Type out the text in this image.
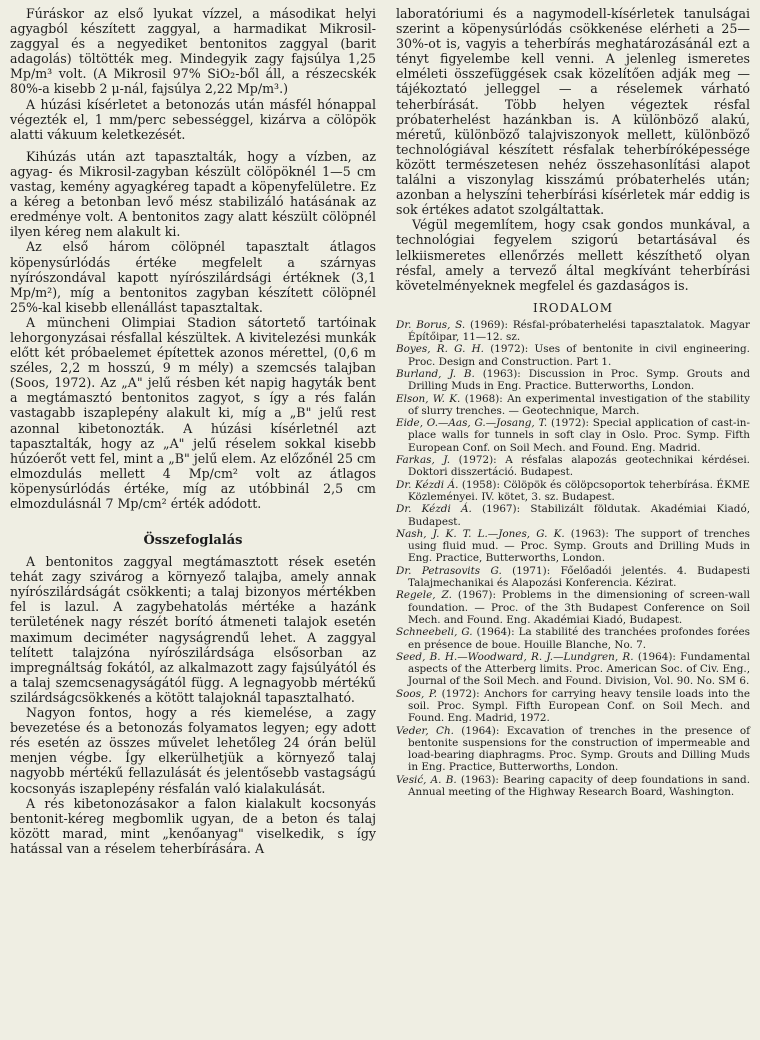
Fúráskor az első lyukat vízzel, a másodikat helyi agyagból készített zaggyal, a harmadikat Mikrosil-zaggyal és a negyediket bentonitos zaggyal (barit adagolás) töltötték meg. Mindegyik zagy fajsúlya 1,25 Mp/m³ volt. (A Mikrosil 97% SiO₂-ből áll, a részecskék 80%-a kisebb 2 μ-nál, fajsúlya 2,22 Mp/m³.)

A húzási kísérletet a betonozás után másfél hónappal végezték el, 1 mm/perc sebességgel, kizárva a cölöpök alatti vákuum keletkezését.

Kihúzás után azt tapasztalták, hogy a vízben, az agyag- és Mikrosil-zagyban készült cölöpöknél 1—5 cm vastag, kemény agyagkéreg tapadt a köpenyfelületre. Ez a kéreg a betonban levő mész stabilizáló hatásának az eredménye volt. A bentonitos zagy alatt készült cölöpnél ilyen kéreg nem alakult ki.

Az első három cölöpnél tapasztalt átlagos köpenysúrlódás értéke megfelelt a szárnyas nyírószondával kapott nyírószilárdsági értéknek (3,1 Mp/m²), míg a bentonitos zagyban készített cölöpnél 25%-kal kisebb ellenállást tapasztaltak.

A müncheni Olimpiai Stadion sátortető tartóinak lehorgonyzásai résfallal készültek. A kivitelezési munkák előtt két próbaelemet építettek azonos mérettel, (0,6 m széles, 2,2 m hosszú, 9 m mély) a szemcsés talajban (Soos, 1972). Az „A" jelű résben két napig hagyták bent a megtámasztó bentonitos zagyot, s így a rés falán vastagabb iszaplepény alakult ki, míg a „B" jelű rest azonnal kibetonozták. A húzási kísérletnél azt tapasztalták, hogy az „A" jelű réselem sokkal kisebb húzóerőt vett fel, mint a „B" jelű elem. Az előzőnél 25 cm elmozdulás mellett 4 Mp/cm² volt az átlagos köpenysúrlódás értéke, míg az utóbbinál 2,5 cm elmozdulásnál 7 Mp/cm² érték adódott.

Összefoglalás

A bentonitos zaggyal megtámasztott rések esetén tehát zagy szivárog a környező talajba, amely annak nyírószilárdságát csökkenti; a talaj bizonyos mértékben fel is lazul. A zagybehatolás mértéke a hazánk területének nagy részét borító átmeneti talajok esetén maximum deciméter nagyságrendű lehet. A zaggyal telített talajzóna nyírószilárdsága elsősorban az impregnáltság fokától, az alkalmazott zagy fajsúlyától és a talaj szemcsenagyságától függ. A legnagyobb mértékű szilárdságcsökkenés a kötött talajoknál tapasztalható.

Nagyon fontos, hogy a rés kiemelése, a zagy bevezetése és a betonozás folyamatos legyen; egy adott rés esetén az összes művelet lehetőleg 24 órán belül menjen végbe. Így elkerülhetjük a környező talaj nagyobb mértékű fellazulását és jelentősebb vastagságú kocsonyás iszaplepény résfalán való kialakulását.

A rés kibetonozásakor a falon kialakult kocsonyás bentonit-kéreg megbomlik ugyan, de a beton és talaj között marad, mint „kenőanyag" viselkedik, s így hatással van a réselem teherbírására. A

laboratóriumi és a nagymodell-kísérletek tanulságai szerint a köpenysúrlódás csökkenése elérheti a 25—30%-ot is, vagyis a teherbírás meghatározásánál ezt a tényt figyelembe kell venni. A jelenleg ismeretes elméleti összefüggések csak közelítően adják meg — tájékoztató jelleggel — a réselemek várható teherbírását. Több helyen végeztek résfal próbaterhelést hazánkban is. A különböző alakú, méretű, különböző talajviszonyok mellett, különböző technológiával készített résfalak teherbíróképessége között természetesen nehéz összehasonlítási alapot találni a viszonylag kisszámú próbaterhelés után; azonban a helyszíni teherbírási kísérletek már eddig is sok értékes adatot szolgáltattak.

Végül megemlítem, hogy csak gondos munkával, a technológiai fegyelem szigorú betartásával és lelkiismeretes ellenőrzés mellett készíthető olyan résfal, amely a tervező által megkívánt teherbírási követelményeknek megfelel és gazdaságos is.

IRODALOM
Dr. Borus, S. (1969): Résfal-próbaterhelési tapasztalatok. Magyar Építőipar, 11—12. sz.
Boyes, R. G. H. (1972): Uses of bentonite in civil engineering. Proc. Design and Construction. Part 1.
Burland, J. B. (1963): Discussion in Proc. Symp. Grouts and Drilling Muds in Eng. Practice. Butterworths, London.
Elson, W. K. (1968): An experimental investigation of the stability of slurry trenches. — Geotechnique, March.
Eide, O.—Aas, G.—Josang, T. (1972): Special application of cast-in-place walls for tunnels in soft clay in Oslo. Proc. Symp. Fifth European Conf. on Soil Mech. and Found. Eng. Madrid.
Farkas, J. (1972): A résfalas alapozás geotechnikai kérdései. Doktori disszertáció. Budapest.
Dr. Kézdi Á. (1958): Cölöpök és cölöpcsoportok teherbírása. ÉKME Közleményei. IV. kötet, 3. sz. Budapest.
Dr. Kézdi Á. (1967): Stabilizált földutak. Akadémiai Kiadó, Budapest.
Nash, J. K. T. L.—Jones, G. K. (1963): The support of trenches using fluid mud. — Proc. Symp. Grouts and Drilling Muds in Eng. Practice, Butterworths, London.
Dr. Petrasovits G. (1971): Főelőadói jelentés. 4. Budapesti Talajmechanikai és Alapozási Konferencia. Kézirat.
Regele, Z. (1967): Problems in the dimensioning of screen-wall foundation. — Proc. of the 3th Budapest Conference on Soil Mech. and Found. Eng. Akadémiai Kiadó, Budapest.
Schneebeli, G. (1964): La stabilité des tranchées profondes forées en présence de boue. Houille Blanche, No. 7.
Seed, B. H.—Woodward, R. J.—Lundgren, R. (1964): Fundamental aspects of the Atterberg limits. Proc. American Soc. of Civ. Eng., Journal of the Soil Mech. and Found. Division, Vol. 90. No. SM 6.
Soos, P. (1972): Anchors for carrying heavy tensile loads into the soil. Proc. Sympl. Fifth European Conf. on Soil Mech. and Found. Eng. Madrid, 1972.
Veder, Ch. (1964): Excavation of trenches in the presence of bentonite suspensions for the construction of impermeable and load-bearing diaphragms. Proc. Symp. Grouts and Dilling Muds in Eng. Practice, Butterworths, London.
Vesić, A. B. (1963): Bearing capacity of deep foundations in sand. Annual meeting of the Highway Research Board, Washington.
